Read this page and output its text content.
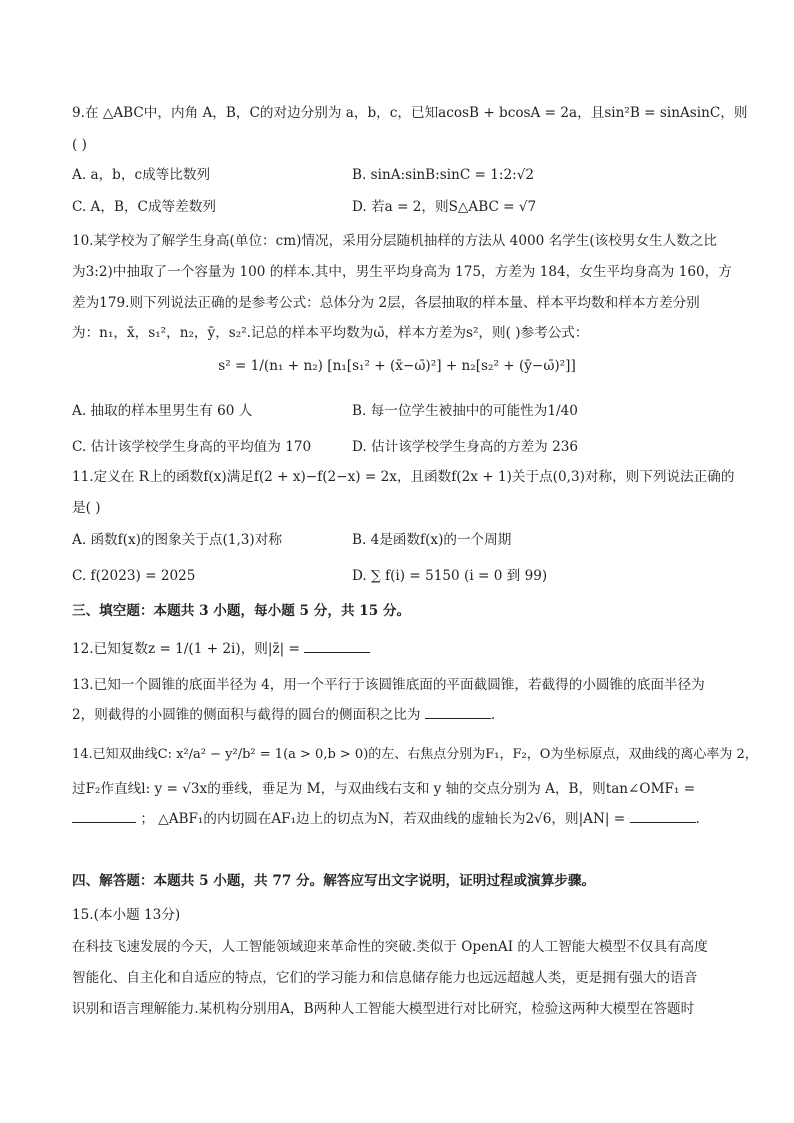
9.在 △ABC中，内角 A，B，C的对边分别为 a，b，c，已知acosB + bcosA = 2a，且sin²B = sinAsinC，则
( )
A. a，b，c成等比数列	B. sinA:sinB:sinC = 1:2:√2
C. A，B，C成等差数列	D. 若a = 2，则S△ABC = √7
10.某学校为了解学生身高(单位：cm)情况，采用分层随机抽样的方法从 4000 名学生(该校男女生人数之比
为3:2)中抽取了一个容量为 100 的样本.其中，男生平均身高为 175，方差为 184，女生平均身高为 160，方
差为179.则下列说法正确的是参考公式：总体分为 2层，各层抽取的样本量、样本平均数和样本方差分别
为：n₁，x̄，s₁²，n₂，ȳ，s₂².记总的样本平均数为ω̄，样本方差为s²，则( )参考公式：
s² = 1/(n₁ + n₂) [n₁[s₁² + (x̄−ω̄)²] + n₂[s₂² + (ȳ−ω̄)²]]
A. 抽取的样本里男生有 60 人	B. 每一位学生被抽中的可能性为1/40
C. 估计该学校学生身高的平均值为 170	D. 估计该学校学生身高的方差为 236
11.定义在 R上的函数f(x)满足f(2 + x)−f(2−x) = 2x，且函数f(2x + 1)关于点(0,3)对称，则下列说法正确的
是( )
A. 函数f(x)的图象关于点(1,3)对称	B. 4是函数f(x)的一个周期
C. f(2023) = 2025	D. ∑ f(i) = 5150 (i = 0 到 99)
三、填空题：本题共 3 小题，每小题 5 分，共 15 分。
12.已知复数z = 1/(1 + 2i)，则|z̄| =
13.已知一个圆锥的底面半径为 4，用一个平行于该圆锥底面的平面截圆锥，若截得的小圆锥的底面半径为
2，则截得的小圆锥的侧面积与截得的圆台的侧面积之比为	.
14.已知双曲线C: x²/a² − y²/b² = 1(a > 0,b > 0)的左、右焦点分别为F₁，F₂，O为坐标原点，双曲线的离心率为 2，
过F₂作直线l: y = √3x的垂线，垂足为 M，与双曲线右支和 y 轴的交点分别为 A，B，则tan∠OMF₁ =
； △ABF₁的内切圆在AF₁边上的切点为N，若双曲线的虚轴长为2√6，则|AN| =	.
四、解答题：本题共 5 小题，共 77 分。解答应写出文字说明，证明过程或演算步骤。
15.(本小题 13分)
在科技飞速发展的今天，人工智能领域迎来革命性的突破.类似于 OpenAI 的人工智能大模型不仅具有高度
智能化、自主化和自适应的特点，它们的学习能力和信息储存能力也远远超越人类，更是拥有强大的语音
识别和语言理解能力.某机构分别用A，B两种人工智能大模型进行对比研究，检验这两种大模型在答题时
